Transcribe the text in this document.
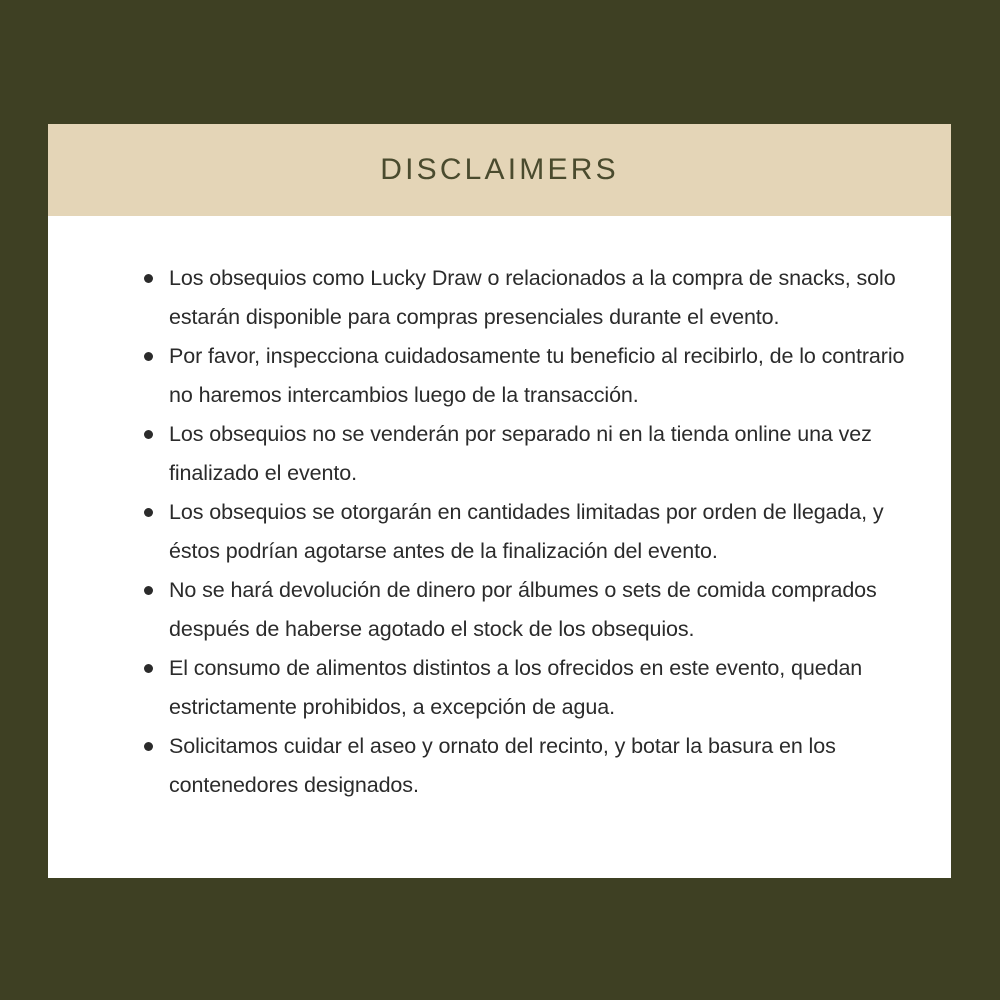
DISCLAIMERS
Los obsequios como Lucky Draw o relacionados a la compra de snacks, solo estarán disponible para compras presenciales durante el evento.
Por favor, inspecciona cuidadosamente tu beneficio al recibirlo, de lo contrario no haremos intercambios luego de la transacción.
Los obsequios no se venderán por separado ni en la tienda online una vez finalizado el evento.
Los obsequios se otorgarán en cantidades limitadas por orden de llegada, y éstos podrían agotarse antes de la finalización del evento.
No se hará devolución de dinero por álbumes o sets de comida comprados después de haberse agotado el stock de los obsequios.
El consumo de alimentos distintos a los ofrecidos en este evento, quedan estrictamente prohibidos, a excepción de agua.
Solicitamos cuidar el aseo y ornato del recinto, y botar la basura en los contenedores designados.
